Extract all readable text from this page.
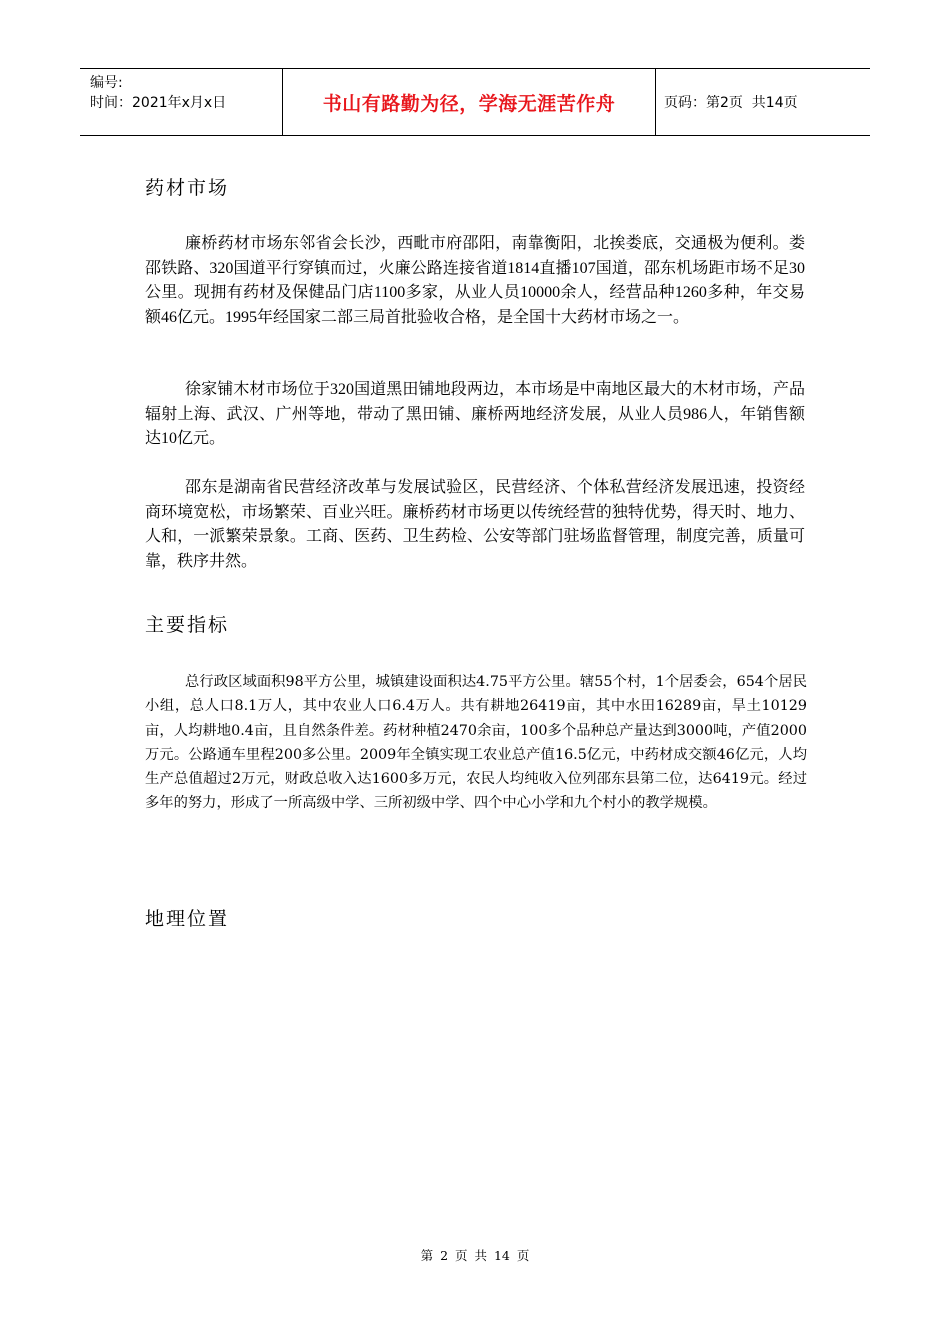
编号:
时间：2021年x月x日	书山有路勤为径，学海无涯苦作舟	页码：第2页  共14页
药材市场
廉桥药材市场东邻省会长沙，西毗市府邵阳，南靠衡阳，北挨娄底，交通极为便利。娄邵铁路、320国道平行穿镇而过，火廉公路连接省道1814直播107国道，邵东机场距市场不足30公里。现拥有药材及保健品门店1100多家，从业人员10000余人，经营品种1260多种，年交易额46亿元。1995年经国家二部三局首批验收合格，是全国十大药材市场之一。
徐家铺木材市场位于320国道黑田铺地段两边，本市场是中南地区最大的木材市场，产品辐射上海、武汉、广州等地，带动了黑田铺、廉桥两地经济发展，从业人员986人，年销售额达10亿元。
邵东是湖南省民营经济改革与发展试验区，民营经济、个体私营经济发展迅速，投资经商环境宽松，市场繁荣、百业兴旺。廉桥药材市场更以传统经营的独特优势，得天时、地力、人和，一派繁荣景象。工商、医药、卫生药检、公安等部门驻场监督管理，制度完善，质量可靠，秩序井然。
主要指标
总行政区域面积98平方公里，城镇建设面积达4.75平方公里。辖55个村，1个居委会，654个居民小组，总人口8.1万人，其中农业人口6.4万人。共有耕地26419亩，其中水田16289亩，旱土10129亩，人均耕地0.4亩，且自然条件差。药材种植2470余亩，100多个品种总产量达到3000吨，产值2000万元。公路通车里程200多公里。2009年全镇实现工农业总产值16.5亿元，中药材成交额46亿元，人均生产总值超过2万元，财政总收入达1600多万元，农民人均纯收入位列邵东县第二位，达6419元。经过多年的努力，形成了一所高级中学、三所初级中学、四个中心小学和九个村小的教学规模。
地理位置
第 2 页 共 14 页
